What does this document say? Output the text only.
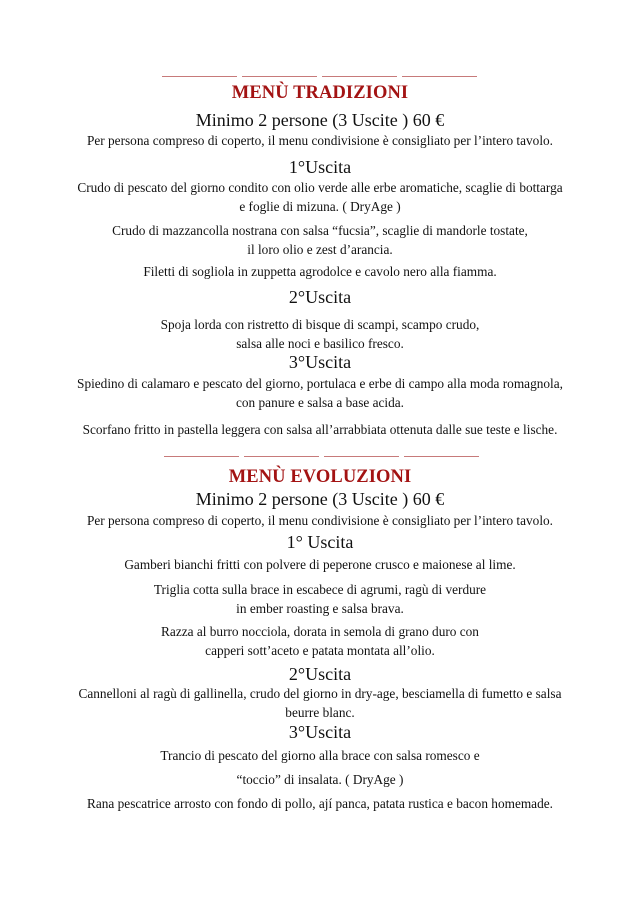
MENÙ TRADIZIONI
Minimo 2 persone (3 Uscite ) 60 €
Per persona compreso di coperto, il menu condivisione è consigliato per l’intero tavolo.
1°Uscita
Crudo di pescato del giorno condito con olio verde alle erbe aromatiche, scaglie di bottarga
e foglie di mizuna. ( DryAge )
Crudo di mazzancolla nostrana con salsa “fucsia”, scaglie di mandorle tostate,
il loro olio e zest d’arancia.
Filetti di sogliola in zuppetta agrodolce e cavolo nero alla fiamma.
2°Uscita
Spoja lorda con ristretto di bisque di scampi, scampo crudo,
salsa alle noci e basilico fresco.
3°Uscita
Spiedino di calamaro e pescato del giorno, portulaca e erbe di campo alla moda romagnola,
con panure e salsa a base acida.
Scorfano fritto in pastella leggera con salsa all’arrabbiata ottenuta dalle sue teste e lische.
MENÙ EVOLUZIONI
Minimo 2 persone (3 Uscite ) 60 €
Per persona compreso di coperto, il menu condivisione è consigliato per l’intero tavolo.
1° Uscita
Gamberi bianchi fritti con polvere di peperone crusco e maionese al lime.
Triglia cotta sulla brace in escabece di agrumi, ragù di verdure
in ember roasting e salsa brava.
Razza al burro nocciola, dorata in semola di grano duro con
capperi sott’aceto e patata montata all’olio.
2°Uscita
Cannelloni al ragù di gallinella, crudo del giorno in dry-age, besciamella di fumetto e salsa
beurre blanc.
3°Uscita
Trancio di pescato del giorno alla brace con salsa romesco e
“toccio” di insalata. ( DryAge )
Rana pescatrice arrosto con fondo di pollo, ají panca, patata rustica e bacon homemade.
